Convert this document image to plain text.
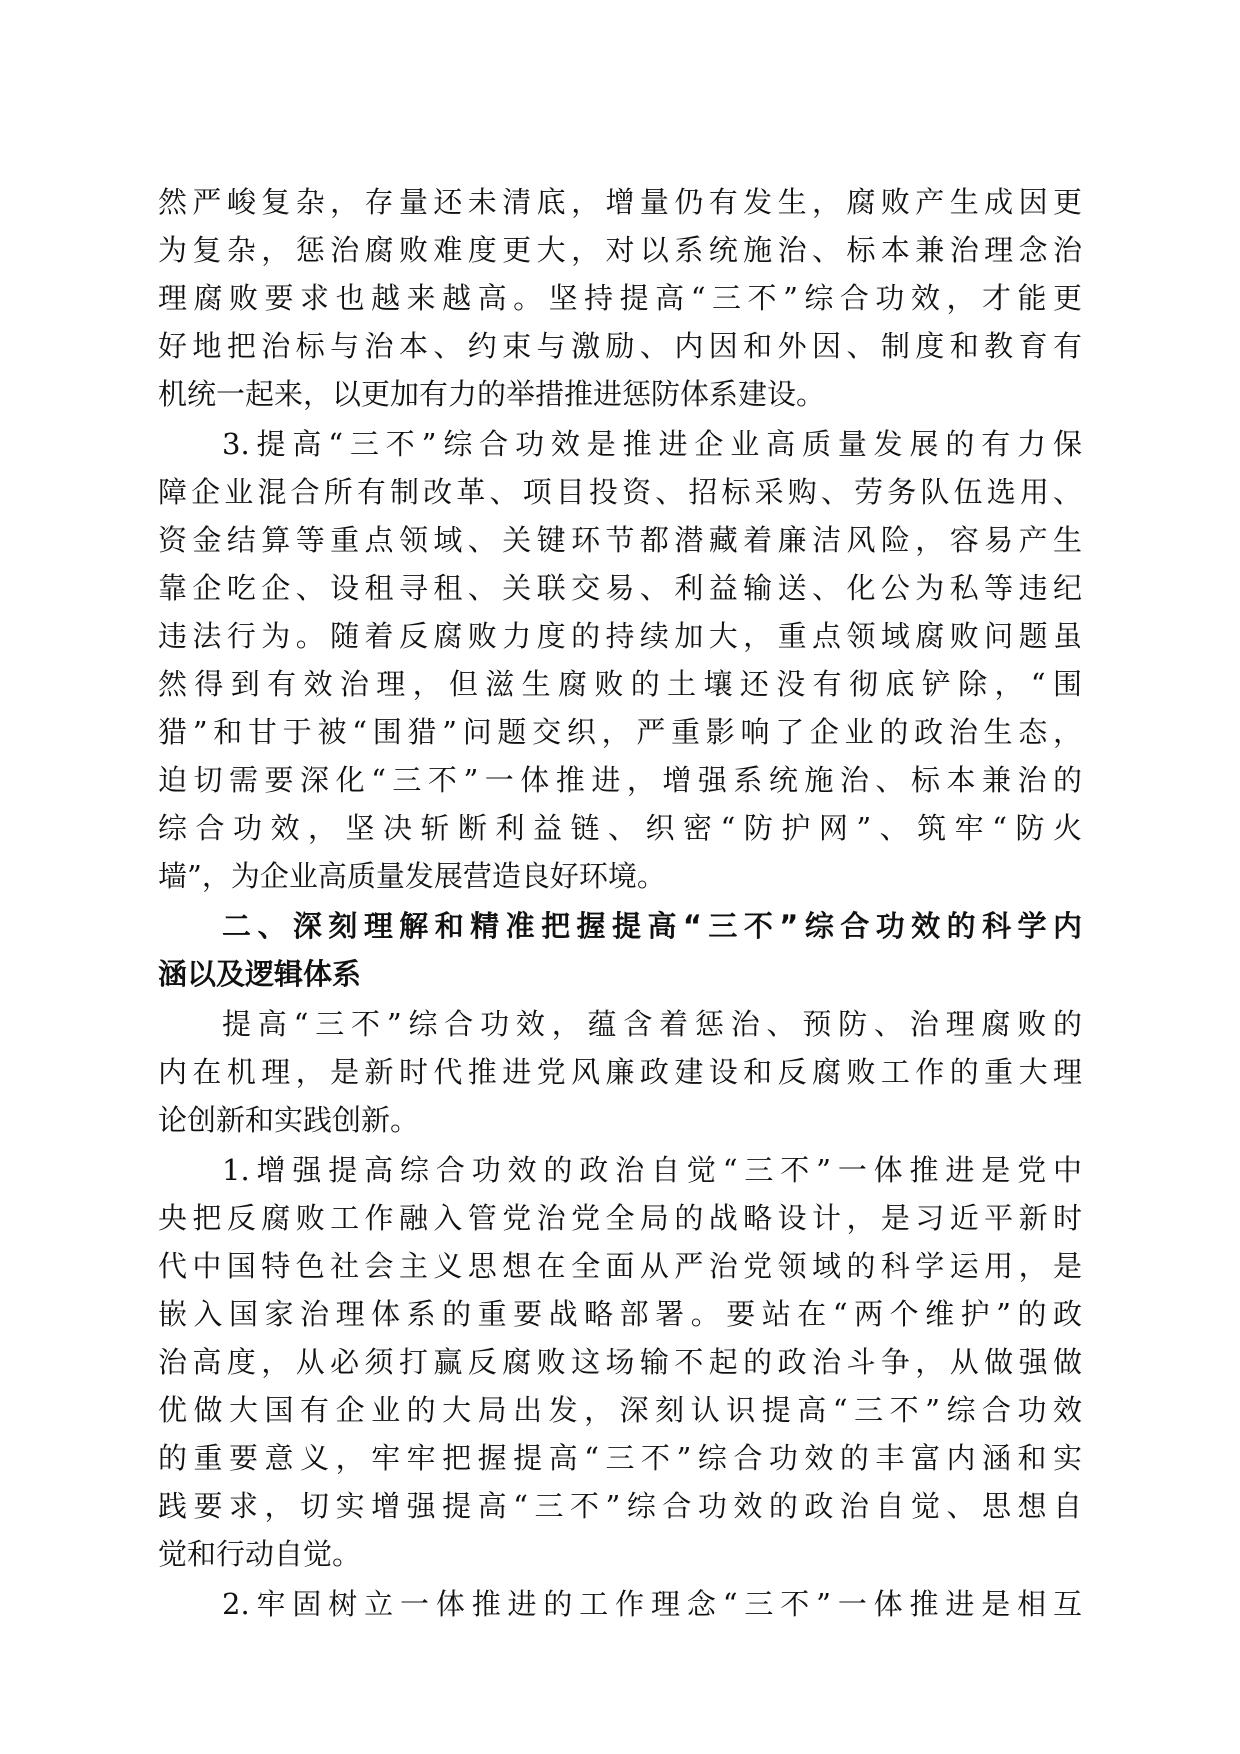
然严峻复杂，存量还未清底，增量仍有发生，腐败产生成因更
为复杂，惩治腐败难度更大，对以系统施治、标本兼治理念治
理腐败要求也越来越高。坚持提高“三不”综合功效，才能更
好地把治标与治本、约束与激励、内因和外因、制度和教育有
机统一起来，以更加有力的举措推进惩防体系建设。
3.提高“三不”综合功效是推进企业高质量发展的有力保
障企业混合所有制改革、项目投资、招标采购、劳务队伍选用、
资金结算等重点领域、关键环节都潜藏着廉洁风险，容易产生
靠企吃企、设租寻租、关联交易、利益输送、化公为私等违纪
违法行为。随着反腐败力度的持续加大，重点领域腐败问题虽
然得到有效治理，但滋生腐败的土壤还没有彻底铲除，“围
猎”和甘于被“围猎”问题交织，严重影响了企业的政治生态，
迫切需要深化“三不”一体推进，增强系统施治、标本兼治的
综合功效，坚决斩断利益链、织密“防护网”、筑牢“防火
墙”，为企业高质量发展营造良好环境。
二、深刻理解和精准把握提高“三不”综合功效的科学内
涵以及逻辑体系
提高“三不”综合功效，蕴含着惩治、预防、治理腐败的
内在机理，是新时代推进党风廉政建设和反腐败工作的重大理
论创新和实践创新。
1.增强提高综合功效的政治自觉“三不”一体推进是党中
央把反腐败工作融入管党治党全局的战略设计，是习近平新时
代中国特色社会主义思想在全面从严治党领域的科学运用，是
嵌入国家治理体系的重要战略部署。要站在“两个维护”的政
治高度，从必须打赢反腐败这场输不起的政治斗争，从做强做
优做大国有企业的大局出发，深刻认识提高“三不”综合功效
的重要意义，牢牢把握提高“三不”综合功效的丰富内涵和实
践要求，切实增强提高“三不”综合功效的政治自觉、思想自
觉和行动自觉。
2.牢固树立一体推进的工作理念“三不”一体推进是相互
